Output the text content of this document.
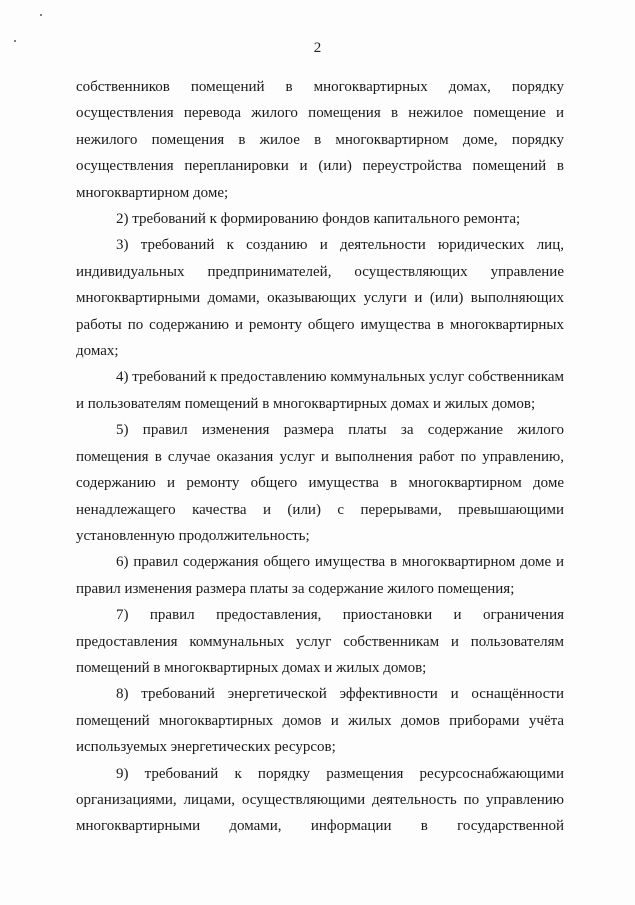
2

собственников помещений в многоквартирных домах, порядку осуществления перевода жилого помещения в нежилое помещение и нежилого помещения в жилое в многоквартирном доме, порядку осуществления перепланировки и (или) переустройства помещений в многоквартирном доме;

2) требований к формированию фондов капитального ремонта;

3) требований к созданию и деятельности юридических лиц, индивидуальных предпринимателей, осуществляющих управление многоквартирными домами, оказывающих услуги и (или) выполняющих работы по содержанию и ремонту общего имущества в многоквартирных домах;

4) требований к предоставлению коммунальных услуг собственникам и пользователям помещений в многоквартирных домах и жилых домов;

5) правил изменения размера платы за содержание жилого помещения в случае оказания услуг и выполнения работ по управлению, содержанию и ремонту общего имущества в многоквартирном доме ненадлежащего качества и (или) с перерывами, превышающими установленную продолжительность;

6) правил содержания общего имущества в многоквартирном доме и правил изменения размера платы за содержание жилого помещения;

7) правил предоставления, приостановки и ограничения предоставления коммунальных услуг собственникам и пользователям помещений в многоквартирных домах и жилых домов;

8) требований энергетической эффективности и оснащённости помещений многоквартирных домов и жилых домов приборами учёта используемых энергетических ресурсов;

9) требований к порядку размещения ресурсоснабжающими организациями, лицами, осуществляющими деятельность по управлению многоквартирными домами, информации в государственной
